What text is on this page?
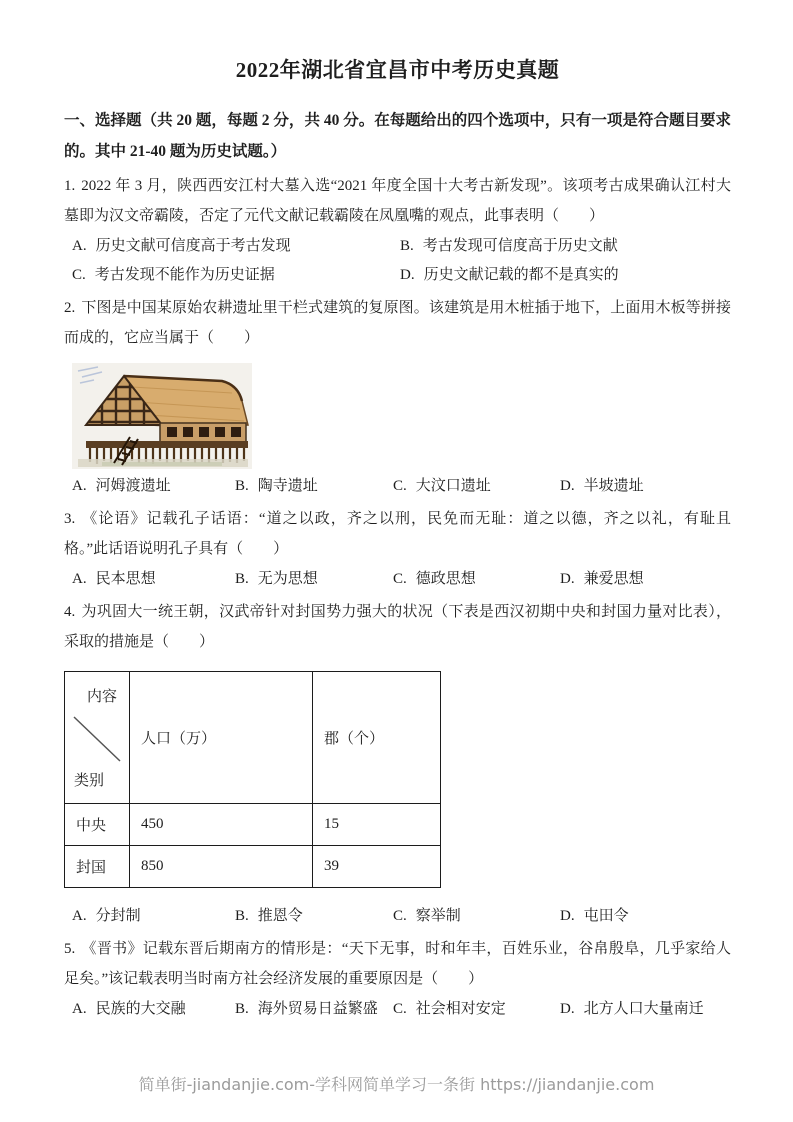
2022年湖北省宜昌市中考历史真题

一、选择题（共 20 题，每题 2 分，共 40 分。在每题给出的四个选项中，只有一项是符合题目要求的。其中 21-40 题为历史试题。）

1. 2022 年 3 月，陕西西安江村大墓入选“2021 年度全国十大考古新发现”。该项考古成果确认江村大墓即为汉文帝霸陵，否定了元代文献记载霸陵在凤凰嘴的观点，此事表明（　　）

A. 历史文献可信度高于考古发现	B. 考古发现可信度高于历史文献
C. 考古发现不能作为历史证据	D. 历史文献记载的都不是真实的

2. 下图是中国某原始农耕遗址里干栏式建筑的复原图。该建筑是用木桩插于地下，上面用木板等拼接而成的，它应当属于（　　）

A. 河姆渡遗址	B. 陶寺遗址	C. 大汶口遗址	D. 半坡遗址

3. 《论语》记载孔子话语：“道之以政，齐之以刑，民免而无耻：道之以德，齐之以礼，有耻且格。”此话语说明孔子具有（　　）

A. 民本思想	B. 无为思想	C. 德政思想	D. 兼爱思想

4. 为巩固大一统王朝，汉武帝针对封国势力强大的状况（下表是西汉初期中央和封国力量对比表），采取的措施是（　　）

内容
类别	人口（万）	郡（个）
中央	450	15
封国	850	39
A. 分封制	B. 推恩令	C. 察举制	D. 屯田令

5. 《晋书》记载东晋后期南方的情形是：“天下无事，时和年丰，百姓乐业，谷帛殷阜，几乎家给人足矣。”该记载表明当时南方社会经济发展的重要原因是（　　）

A. 民族的大交融	B. 海外贸易日益繁盛	C. 社会相对安定	D. 北方人口大量南迁
简单街-jiandanjie.com-学科网简单学习一条街 https://jiandanjie.com
